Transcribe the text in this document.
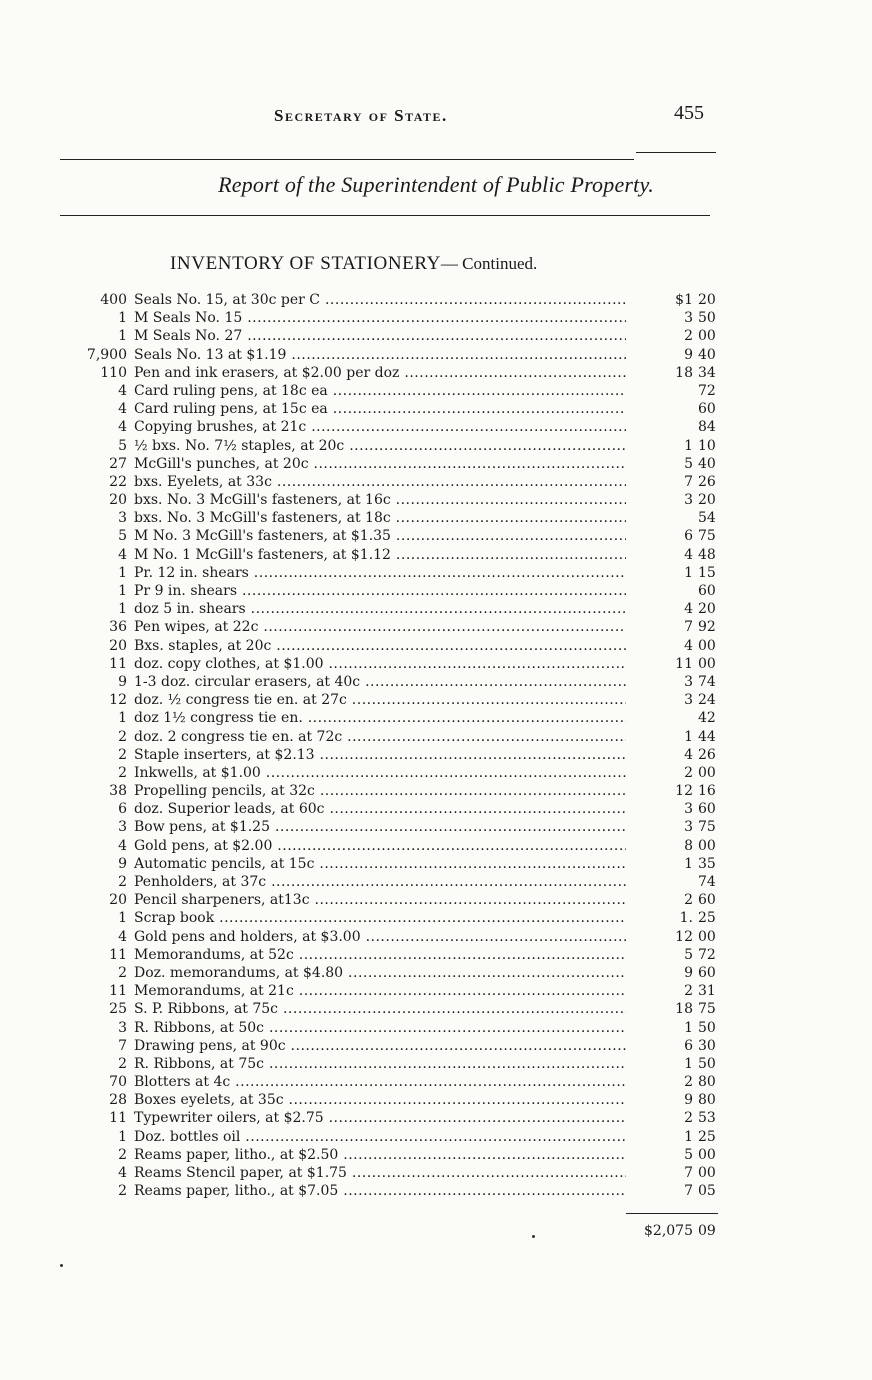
Secretary of State.	455
Report of the Superintendent of Public Property.
INVENTORY OF STATIONERY— Continued.
400 Seals No. 15, at 30c per C .....	$1 20
1 M Seals No. 15 .....	3 50
1 M Seals No. 27 .....	2 00
7,900 Seals No. 13 at $1.19 .....	9 40
110 Pen and ink erasers, at $2.00 per doz .....	18 34
4 Card ruling pens, at 18c ea .....	72
4 Card ruling pens, at 15c ea .....	60
4 Copying brushes, at 21c .....	84
5 ½ bxs. No. 7½ staples, at 20c .....	1 10
27 McGill's punches, at 20c .....	5 40
22 bxs. Eyelets, at 33c .....	7 26
20 bxs. No. 3 McGill's fasteners, at 16c .....	3 20
3 bxs. No. 3 McGill's fasteners, at 18c .....	54
5 M No. 3 McGill's fasteners, at $1.35 .....	6 75
4 M No. 1 McGill's fasteners, at $1.12 .....	4 48
1 Pr. 12 in. shears .....	1 15
1 Pr 9 in. shears .....	60
1 doz 5 in. shears .....	4 20
36 Pen wipes, at 22c .....	7 92
20 Bxs. staples, at 20c .....	4 00
11 doz. copy clothes, at $1.00 .....	11 00
9 1-3 doz. circular erasers, at 40c .....	3 74
12 doz. ½ congress tie en. at 27c .....	3 24
1 doz 1½ congress tie en. .....	42
2 doz. 2 congress tie en. at 72c .....	1 44
2 Staple inserters, at $2.13 .....	4 26
2 Inkwells, at $1.00 .....	2 00
38 Propelling pencils, at 32c .....	12 16
6 doz. Superior leads, at 60c .....	3 60
3 Bow pens, at $1.25 .....	3 75
4 Gold pens, at $2.00 .....	8 00
9 Automatic pencils, at 15c .....	1 35
2 Penholders, at 37c .....	74
20 Pencil sharpeners, at13c .....	2 60
1 Scrap book .....	1. 25
4 Gold pens and holders, at $3.00 .....	12 00
11 Memorandums, at 52c .....	5 72
2 Doz. memorandums, at $4.80 .....	9 60
11 Memorandums, at 21c .....	2 31
25 S. P. Ribbons, at 75c .....	18 75
3 R. Ribbons, at 50c .....	1 50
7 Drawing pens, at 90c .....	6 30
2 R. Ribbons, at 75c .....	1 50
70 Blotters at 4c .....	2 80
28 Boxes eyelets, at 35c .....	9 80
11 Typewriter oilers, at $2.75 .....	2 53
1 Doz. bottles oil .....	1 25
2 Reams paper, litho., at $2.50 .....	5 00
4 Reams Stencil paper, at $1.75 .....	7 00
2 Reams paper, litho., at $7.05 .....	7 05
$2,075 09
